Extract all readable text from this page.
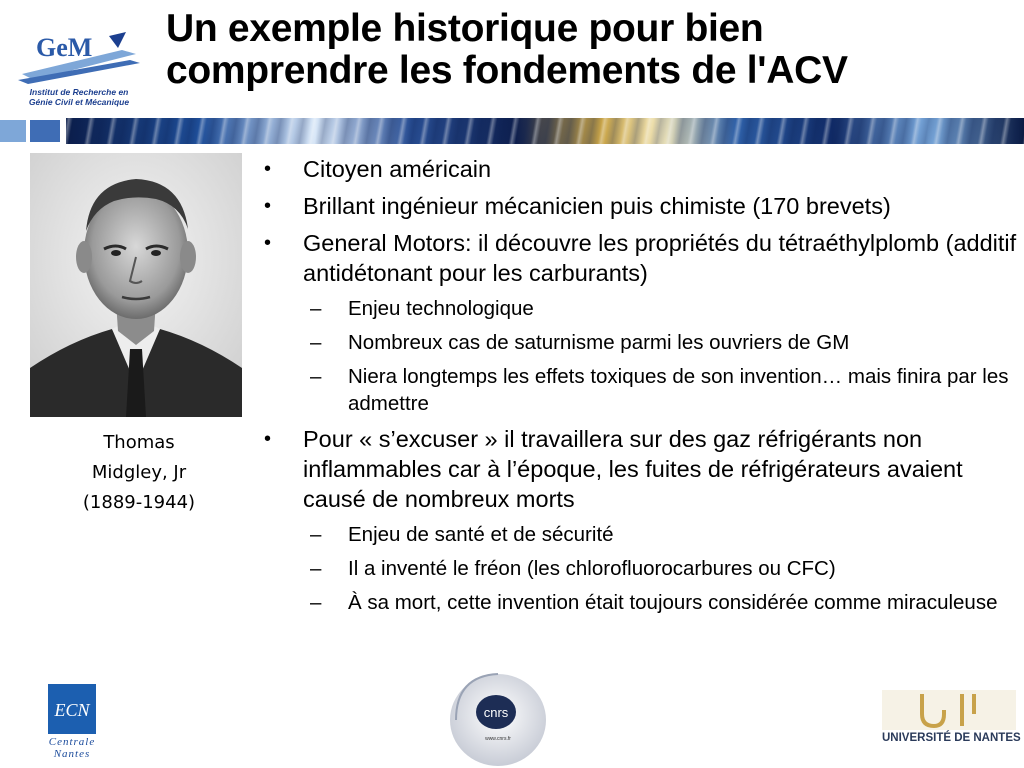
GeM
Institut de Recherche en
Génie Civil et Mécanique
Un exemple historique pour bien
comprendre les fondements de l'ACV
Thomas
Midgley, Jr
(1889-1944)
• Citoyen américain
• Brillant ingénieur mécanicien puis chimiste (170 brevets)
• General Motors: il découvre les propriétés du tétraéthylplomb (additif antidétonant pour les carburants)
– Enjeu technologique
– Nombreux cas de saturnisme parmi les ouvriers de GM
– Niera longtemps les effets toxiques de son invention… mais finira par les admettre
• Pour « s’excuser » il travaillera sur des gaz réfrigérants non inflammables car à l’époque, les fuites de réfrigérateurs avaient causé de nombreux morts
– Enjeu de santé et de sécurité
– Il a inventé le fréon (les chlorofluorocarbures ou CFC)
– À sa mort, cette invention était toujours considérée comme miraculeuse
ECN
Centrale
Nantes
cnrs
www.cnrs.fr	UNIVERSITÉ DE NANTES
